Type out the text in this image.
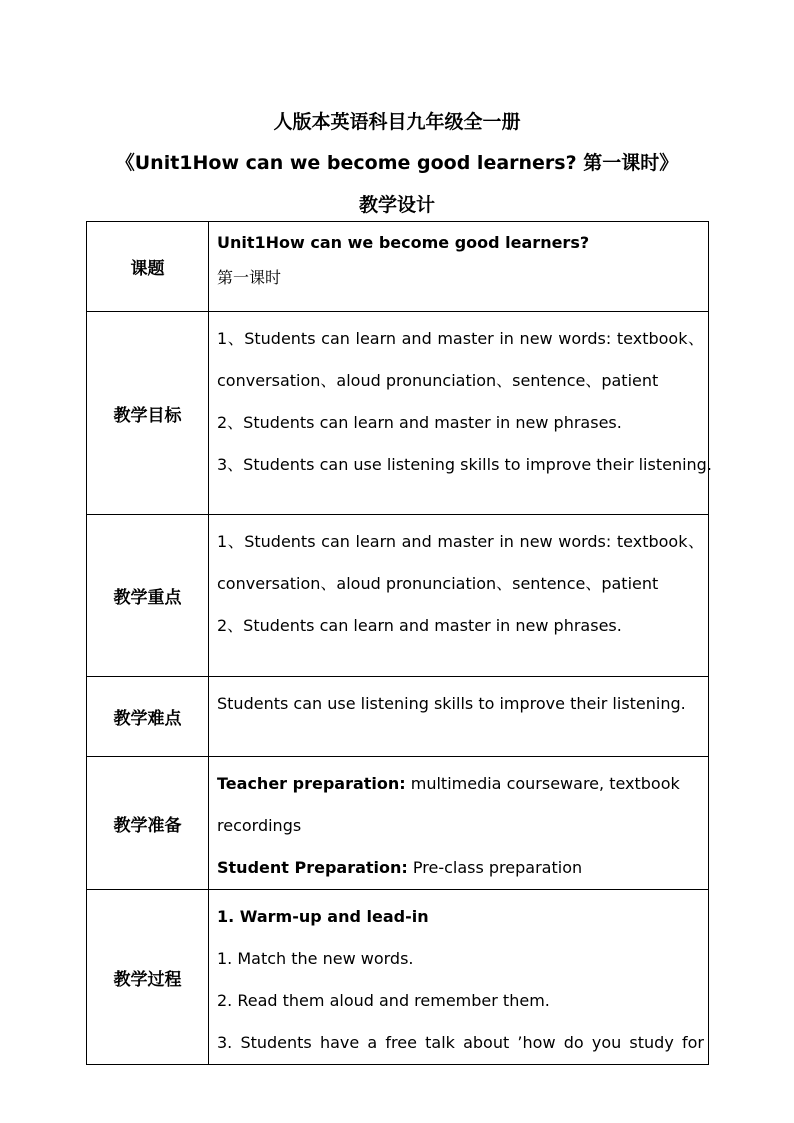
人版本英语科目九年级全一册
《Unit1How can we become good learners? 第一课时》
教学设计
课题	Unit1How can we become good learners?
第一课时

教学目标	1、Students can learn and master in new words: textbook、
conversation、aloud pronunciation、sentence、patient
2、Students can learn and master in new phrases.
3、Students can use listening skills to improve their listening.

教学重点	1、Students can learn and master in new words: textbook、
conversation、aloud pronunciation、sentence、patient
2、Students can learn and master in new phrases.

教学难点	Students can use listening skills to improve their listening.

教学准备	Teacher preparation: multimedia courseware, textbook
recordings
Student Preparation: Pre-class preparation

教学过程	1. Warm-up and lead-in
1. Match the new words.
2. Read them aloud and remember them.
3. Students have a free talk about ’how do you study for
